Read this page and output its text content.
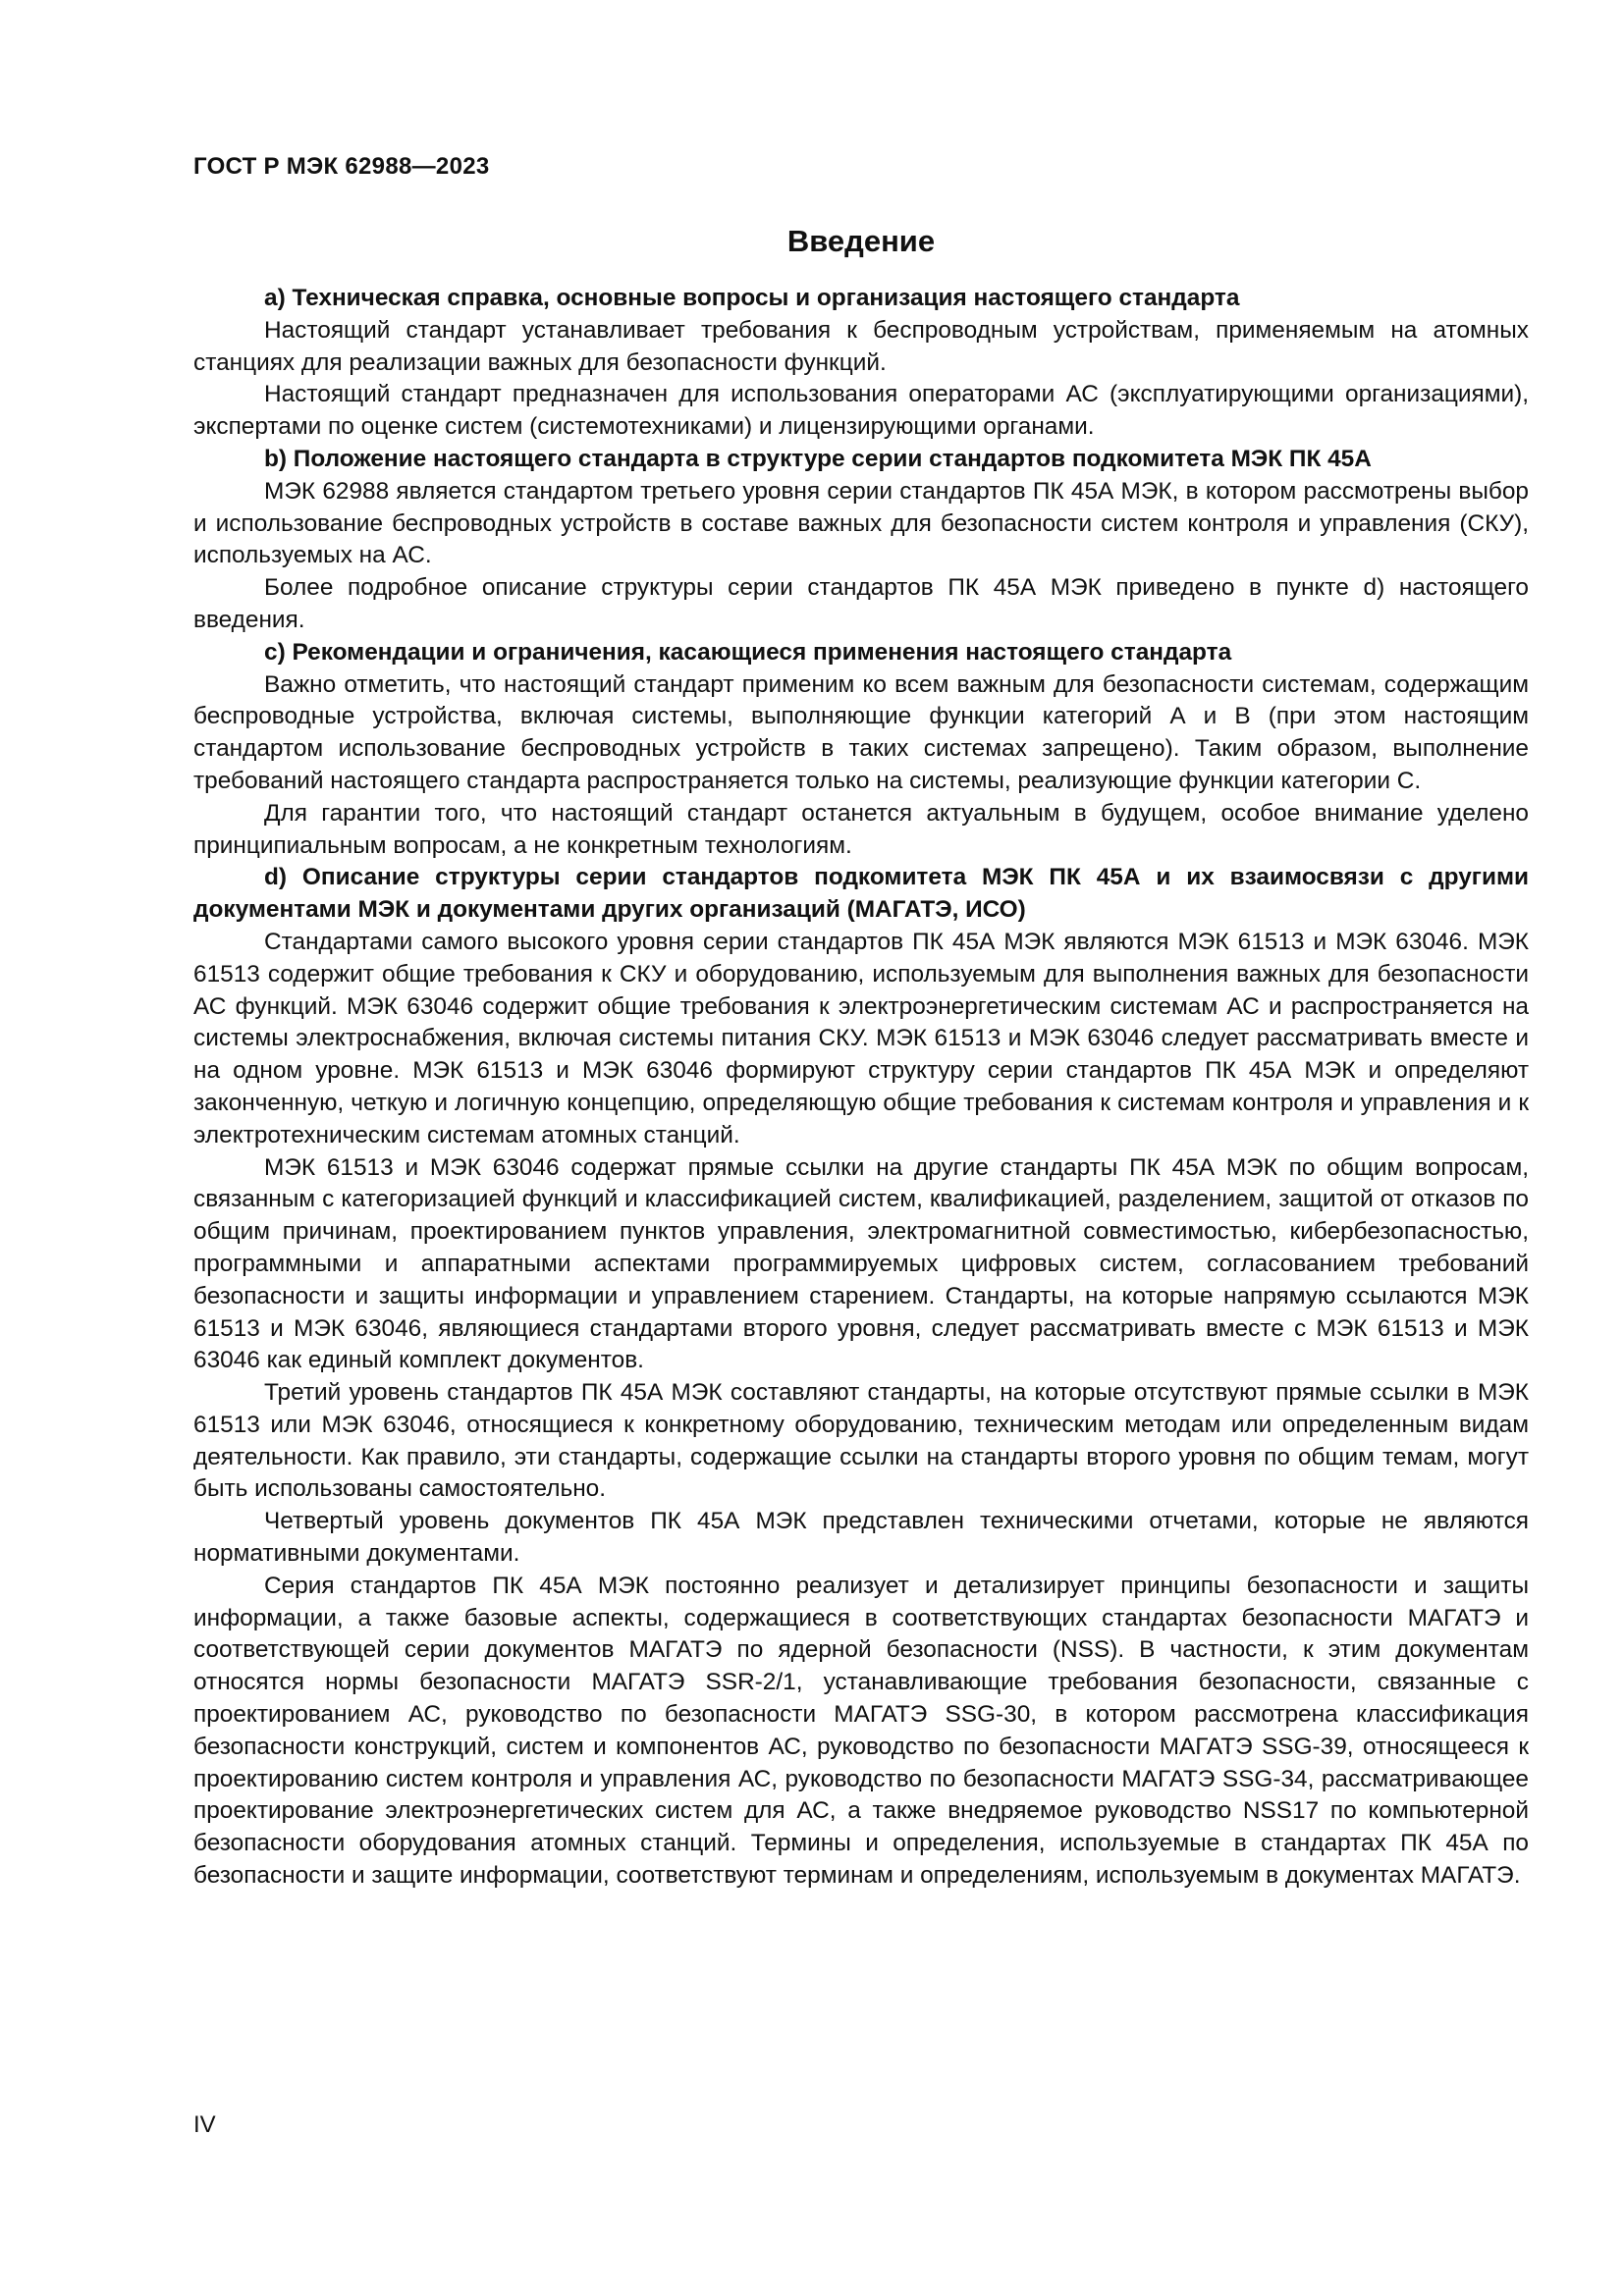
ГОСТ Р МЭК 62988—2023
Введение

a) Техническая справка, основные вопросы и организация настоящего стандарта

Настоящий стандарт устанавливает требования к беспроводным устройствам, применяемым на атомных станциях для реализации важных для безопасности функций.

Настоящий стандарт предназначен для использования операторами АС (эксплуатирующими организациями), экспертами по оценке систем (системотехниками) и лицензирующими органами.

b) Положение настоящего стандарта в структуре серии стандартов подкомитета МЭК ПК 45А

МЭК 62988 является стандартом третьего уровня серии стандартов ПК 45А МЭК, в котором рассмотрены выбор и использование беспроводных устройств в составе важных для безопасности систем контроля и управления (СКУ), используемых на АС.

Более подробное описание структуры серии стандартов ПК 45А МЭК приведено в пункте d) настоящего введения.

c) Рекомендации и ограничения, касающиеся применения настоящего стандарта

Важно отметить, что настоящий стандарт применим ко всем важным для безопасности системам, содержащим беспроводные устройства, включая системы, выполняющие функции категорий А и В (при этом настоящим стандартом использование беспроводных устройств в таких системах запрещено). Таким образом, выполнение требований настоящего стандарта распространяется только на системы, реализующие функции категории С.

Для гарантии того, что настоящий стандарт останется актуальным в будущем, особое внимание уделено принципиальным вопросам, а не конкретным технологиям.

d) Описание структуры серии стандартов подкомитета МЭК ПК 45А и их взаимосвязи с другими документами МЭК и документами других организаций (МАГАТЭ, ИСО)

Стандартами самого высокого уровня серии стандартов ПК 45А МЭК являются МЭК 61513 и МЭК 63046. МЭК 61513 содержит общие требования к СКУ и оборудованию, используемым для выполнения важных для безопасности АС функций. МЭК 63046 содержит общие требования к электроэнергетическим системам АС и распространяется на системы электроснабжения, включая системы питания СКУ. МЭК 61513 и МЭК 63046 следует рассматривать вместе и на одном уровне. МЭК 61513 и МЭК 63046 формируют структуру серии стандартов ПК 45А МЭК и определяют законченную, четкую и логичную концепцию, определяющую общие требования к системам контроля и управления и к электротехническим системам атомных станций.

МЭК 61513 и МЭК 63046 содержат прямые ссылки на другие стандарты ПК 45А МЭК по общим вопросам, связанным с категоризацией функций и классификацией систем, квалификацией, разделением, защитой от отказов по общим причинам, проектированием пунктов управления, электромагнитной совместимостью, кибербезопасностью, программными и аппаратными аспектами программируемых цифровых систем, согласованием требований безопасности и защиты информации и управлением старением. Стандарты, на которые напрямую ссылаются МЭК 61513 и МЭК 63046, являющиеся стандартами второго уровня, следует рассматривать вместе с МЭК 61513 и МЭК 63046 как единый комплект документов.

Третий уровень стандартов ПК 45А МЭК составляют стандарты, на которые отсутствуют прямые ссылки в МЭК 61513 или МЭК 63046, относящиеся к конкретному оборудованию, техническим методам или определенным видам деятельности. Как правило, эти стандарты, содержащие ссылки на стандарты второго уровня по общим темам, могут быть использованы самостоятельно.

Четвертый уровень документов ПК 45А МЭК представлен техническими отчетами, которые не являются нормативными документами.

Серия стандартов ПК 45А МЭК постоянно реализует и детализирует принципы безопасности и защиты информации, а также базовые аспекты, содержащиеся в соответствующих стандартах безопасности МАГАТЭ и соответствующей серии документов МАГАТЭ по ядерной безопасности (NSS). В частности, к этим документам относятся нормы безопасности МАГАТЭ SSR-2/1, устанавливающие требования безопасности, связанные с проектированием АС, руководство по безопасности МАГАТЭ SSG-30, в котором рассмотрена классификация безопасности конструкций, систем и компонентов АС, руководство по безопасности МАГАТЭ SSG-39, относящееся к проектированию систем контроля и управления АС, руководство по безопасности МАГАТЭ SSG-34, рассматривающее проектирование электроэнергетических систем для АС, а также внедряемое руководство NSS17 по компьютерной безопасности оборудования атомных станций. Термины и определения, используемые в стандартах ПК 45А по безопасности и защите информации, соответствуют терминам и определениям, используемым в документах МАГАТЭ.

IV
